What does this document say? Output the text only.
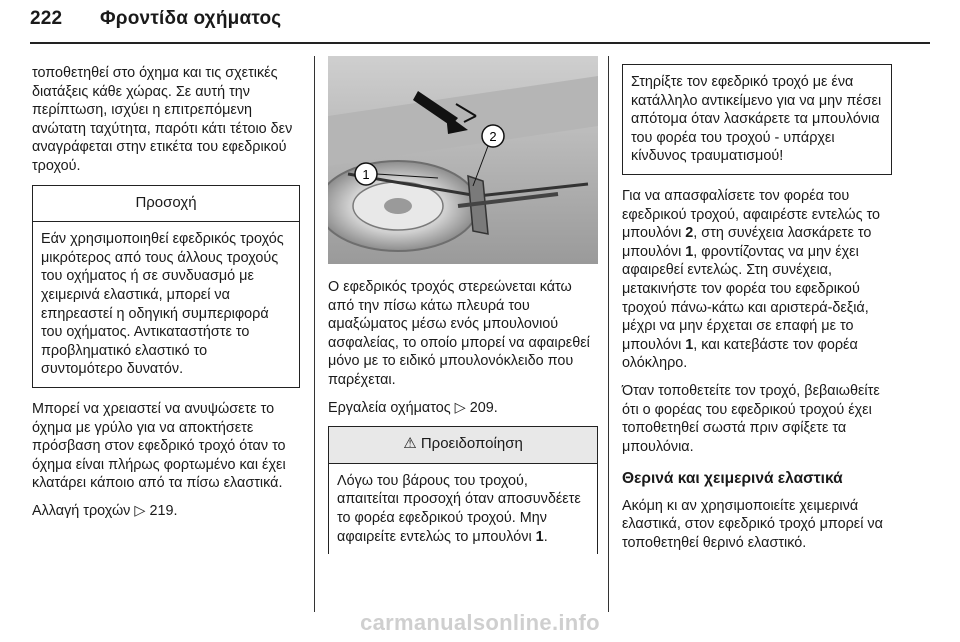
222 Φροντίδα οχήματος

τοποθετηθεί στο όχημα και τις σχετικές διατάξεις κάθε χώρας. Σε αυτή την περίπτωση, ισχύει η επιτρεπόμενη ανώτατη ταχύτητα, παρότι κάτι τέτοιο δεν αναγράφεται στην ετικέτα του εφεδρικού τροχού.

Προσοχή
Εάν χρησιμοποιηθεί εφεδρικός τροχός μικρότερος από τους άλλους τροχούς του οχήματος ή σε συνδυασμό με χειμερινά ελαστικά, μπορεί να επηρεαστεί η οδηγική συμπεριφορά του οχήματος. Αντικαταστήστε το προβληματικό ελαστικό το συντομότερο δυνατόν.

Μπορεί να χρειαστεί να ανυψώσετε το όχημα με γρύλο για να αποκτήσετε πρόσβαση στον εφεδρικό τροχό όταν το όχημα είναι πλήρως φορτωμένο και έχει κλατάρει κάποιο από τα πίσω ελαστικά.

Αλλαγή τροχών ▷ 219.

1
2

Ο εφεδρικός τροχός στερεώνεται κάτω από την πίσω κάτω πλευρά του αμαξώματος μέσω ενός μπουλονιού ασφαλείας, το οποίο μπορεί να αφαιρεθεί μόνο με το ειδικό μπουλονόκλειδο που παρέχεται.

Εργαλεία οχήματος ▷ 209.

⚠ Προειδοποίηση
Λόγω του βάρους του τροχού, απαιτείται προσοχή όταν αποσυνδέετε το φορέα εφεδρικού τροχού. Μην αφαιρείτε εντελώς το μπουλόνι 1.
Στηρίξτε τον εφεδρικό τροχό με ένα κατάλληλο αντικείμενο για να μην πέσει απότομα όταν λασκάρετε τα μπουλόνια του φορέα του τροχού - υπάρχει κίνδυνος τραυματισμού!

Για να απασφαλίσετε τον φορέα του εφεδρικού τροχού, αφαιρέστε εντελώς το μπουλόνι 2, στη συνέχεια λασκάρετε το μπουλόνι 1, φροντίζοντας να μην έχει αφαιρεθεί εντελώς. Στη συνέχεια, μετακινήστε τον φορέα του εφεδρικού τροχού πάνω-κάτω και αριστερά-δεξιά, μέχρι να μην έρχεται σε επαφή με το μπουλόνι 1, και κατεβάστε τον φορέα ολόκληρο.

Όταν τοποθετείτε τον τροχό, βεβαιωθείτε ότι ο φορέας του εφεδρικού τροχού έχει τοποθετηθεί σωστά πριν σφίξετε τα μπουλόνια.

Θερινά και χειμερινά ελαστικά

Ακόμη κι αν χρησιμοποιείτε χειμερινά ελαστικά, στον εφεδρικό τροχό μπορεί να τοποθετηθεί θερινό ελαστικό.

carmanualsonline.info
